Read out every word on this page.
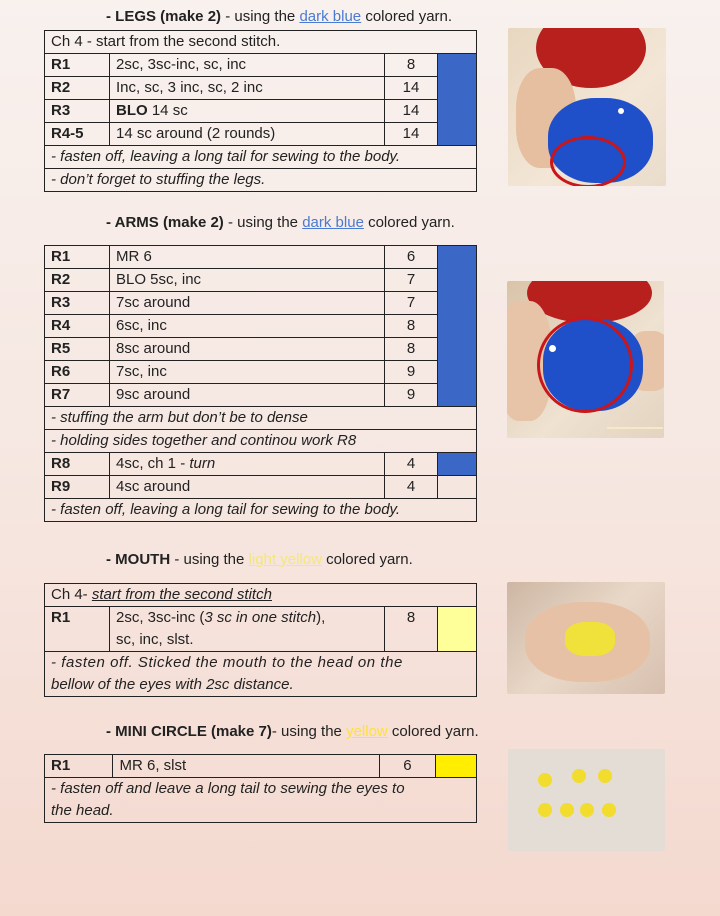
- LEGS (make 2) - using the dark blue colored yarn.
Ch 4 - start from the second stitch.			
R1	2sc, 3sc-inc, sc, inc	8	
R2	Inc, sc, 3 inc, sc, 2 inc	14	
R3	BLO 14 sc	14	
R4-5	14 sc around (2 rounds)	14	
- fasten off, leaving a long tail for sewing to the body.			
- don’t forget to stuffing the legs.			
- ARMS (make 2) - using the dark blue colored yarn.
R1	MR 6	6	
R2	BLO 5sc, inc	7	
R3	7sc around	7	
R4	6sc, inc	8	
R5	8sc around	8	
R6	7sc, inc	9	
R7	9sc around	9	
- stuffing the arm but don’t be to dense			
- holding sides together and continou work R8			
R8	4sc, ch 1 - turn	4	
R9	4sc around	4	
- fasten off, leaving a long tail for sewing to the body.			
- MOUTH - using the light yellow colored yarn.
Ch 4- start from the second stitch
R1	2sc, 3sc-inc (3 sc in one stitch),
sc, inc, slst.	8	
- fasten off. Sticked the mouth to the head on the
bellow of the eyes with 2sc distance.
- MINI CIRCLE (make 7)- using the yellow colored yarn.
R1	MR 6, slst	6	
- fasten off and leave a long tail to sewing the eyes to
the head.
